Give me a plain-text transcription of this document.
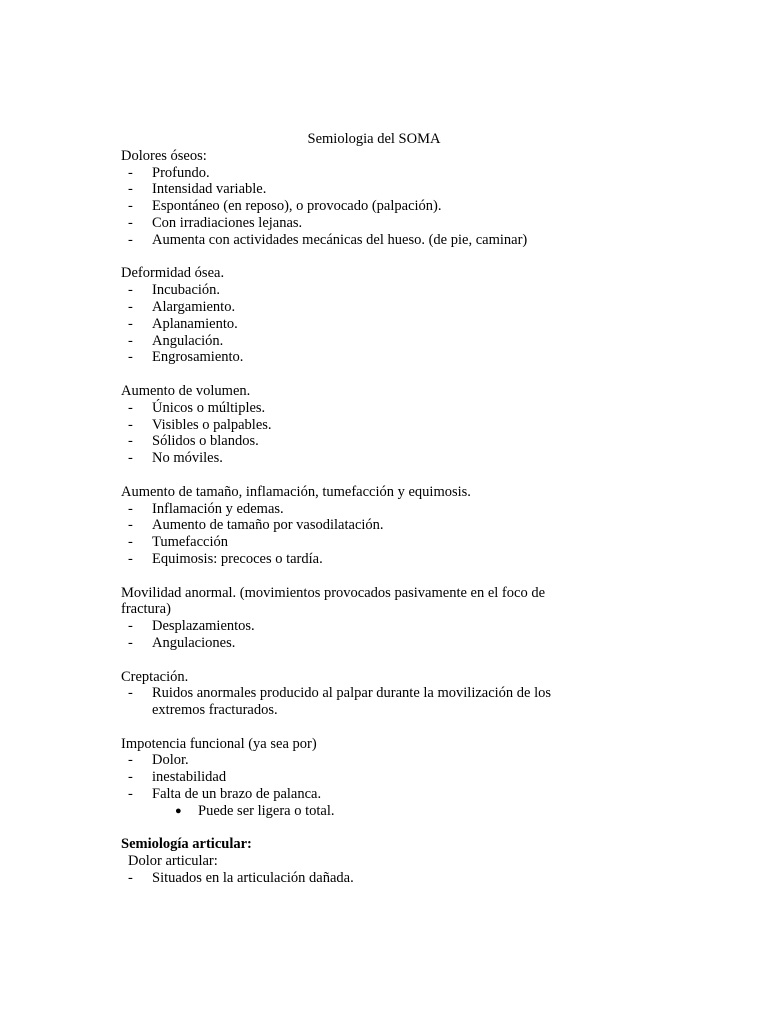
Semiologia del SOMA

Dolores óseos:

- Profundo.
- Intensidad variable.
- Espontáneo (en reposo), o provocado (palpación).
- Con irradiaciones lejanas.
- Aumenta con actividades mecánicas del hueso. (de pie, caminar)

Deformidad ósea.

- Incubación.
- Alargamiento.
- Aplanamiento.
- Angulación.
- Engrosamiento.

Aumento de volumen.

- Únicos o múltiples.
- Visibles o palpables.
- Sólidos o blandos.
- No móviles.

Aumento de tamaño, inflamación, tumefacción y equimosis.

- Inflamación y edemas.
- Aumento de tamaño por vasodilatación.
- Tumefacción
- Equimosis: precoces o tardía.

Movilidad anormal. (movimientos provocados pasivamente en el foco de fractura)

- Desplazamientos.
- Angulaciones.

Creptación.

- Ruidos anormales producido al palpar durante la movilización de los extremos fracturados.

Impotencia funcional (ya sea por)

- Dolor.
- inestabilidad
- Falta de un brazo de palanca.
● Puede ser ligera o total.

Semiología articular:

Dolor articular:

- Situados en la articulación dañada.
